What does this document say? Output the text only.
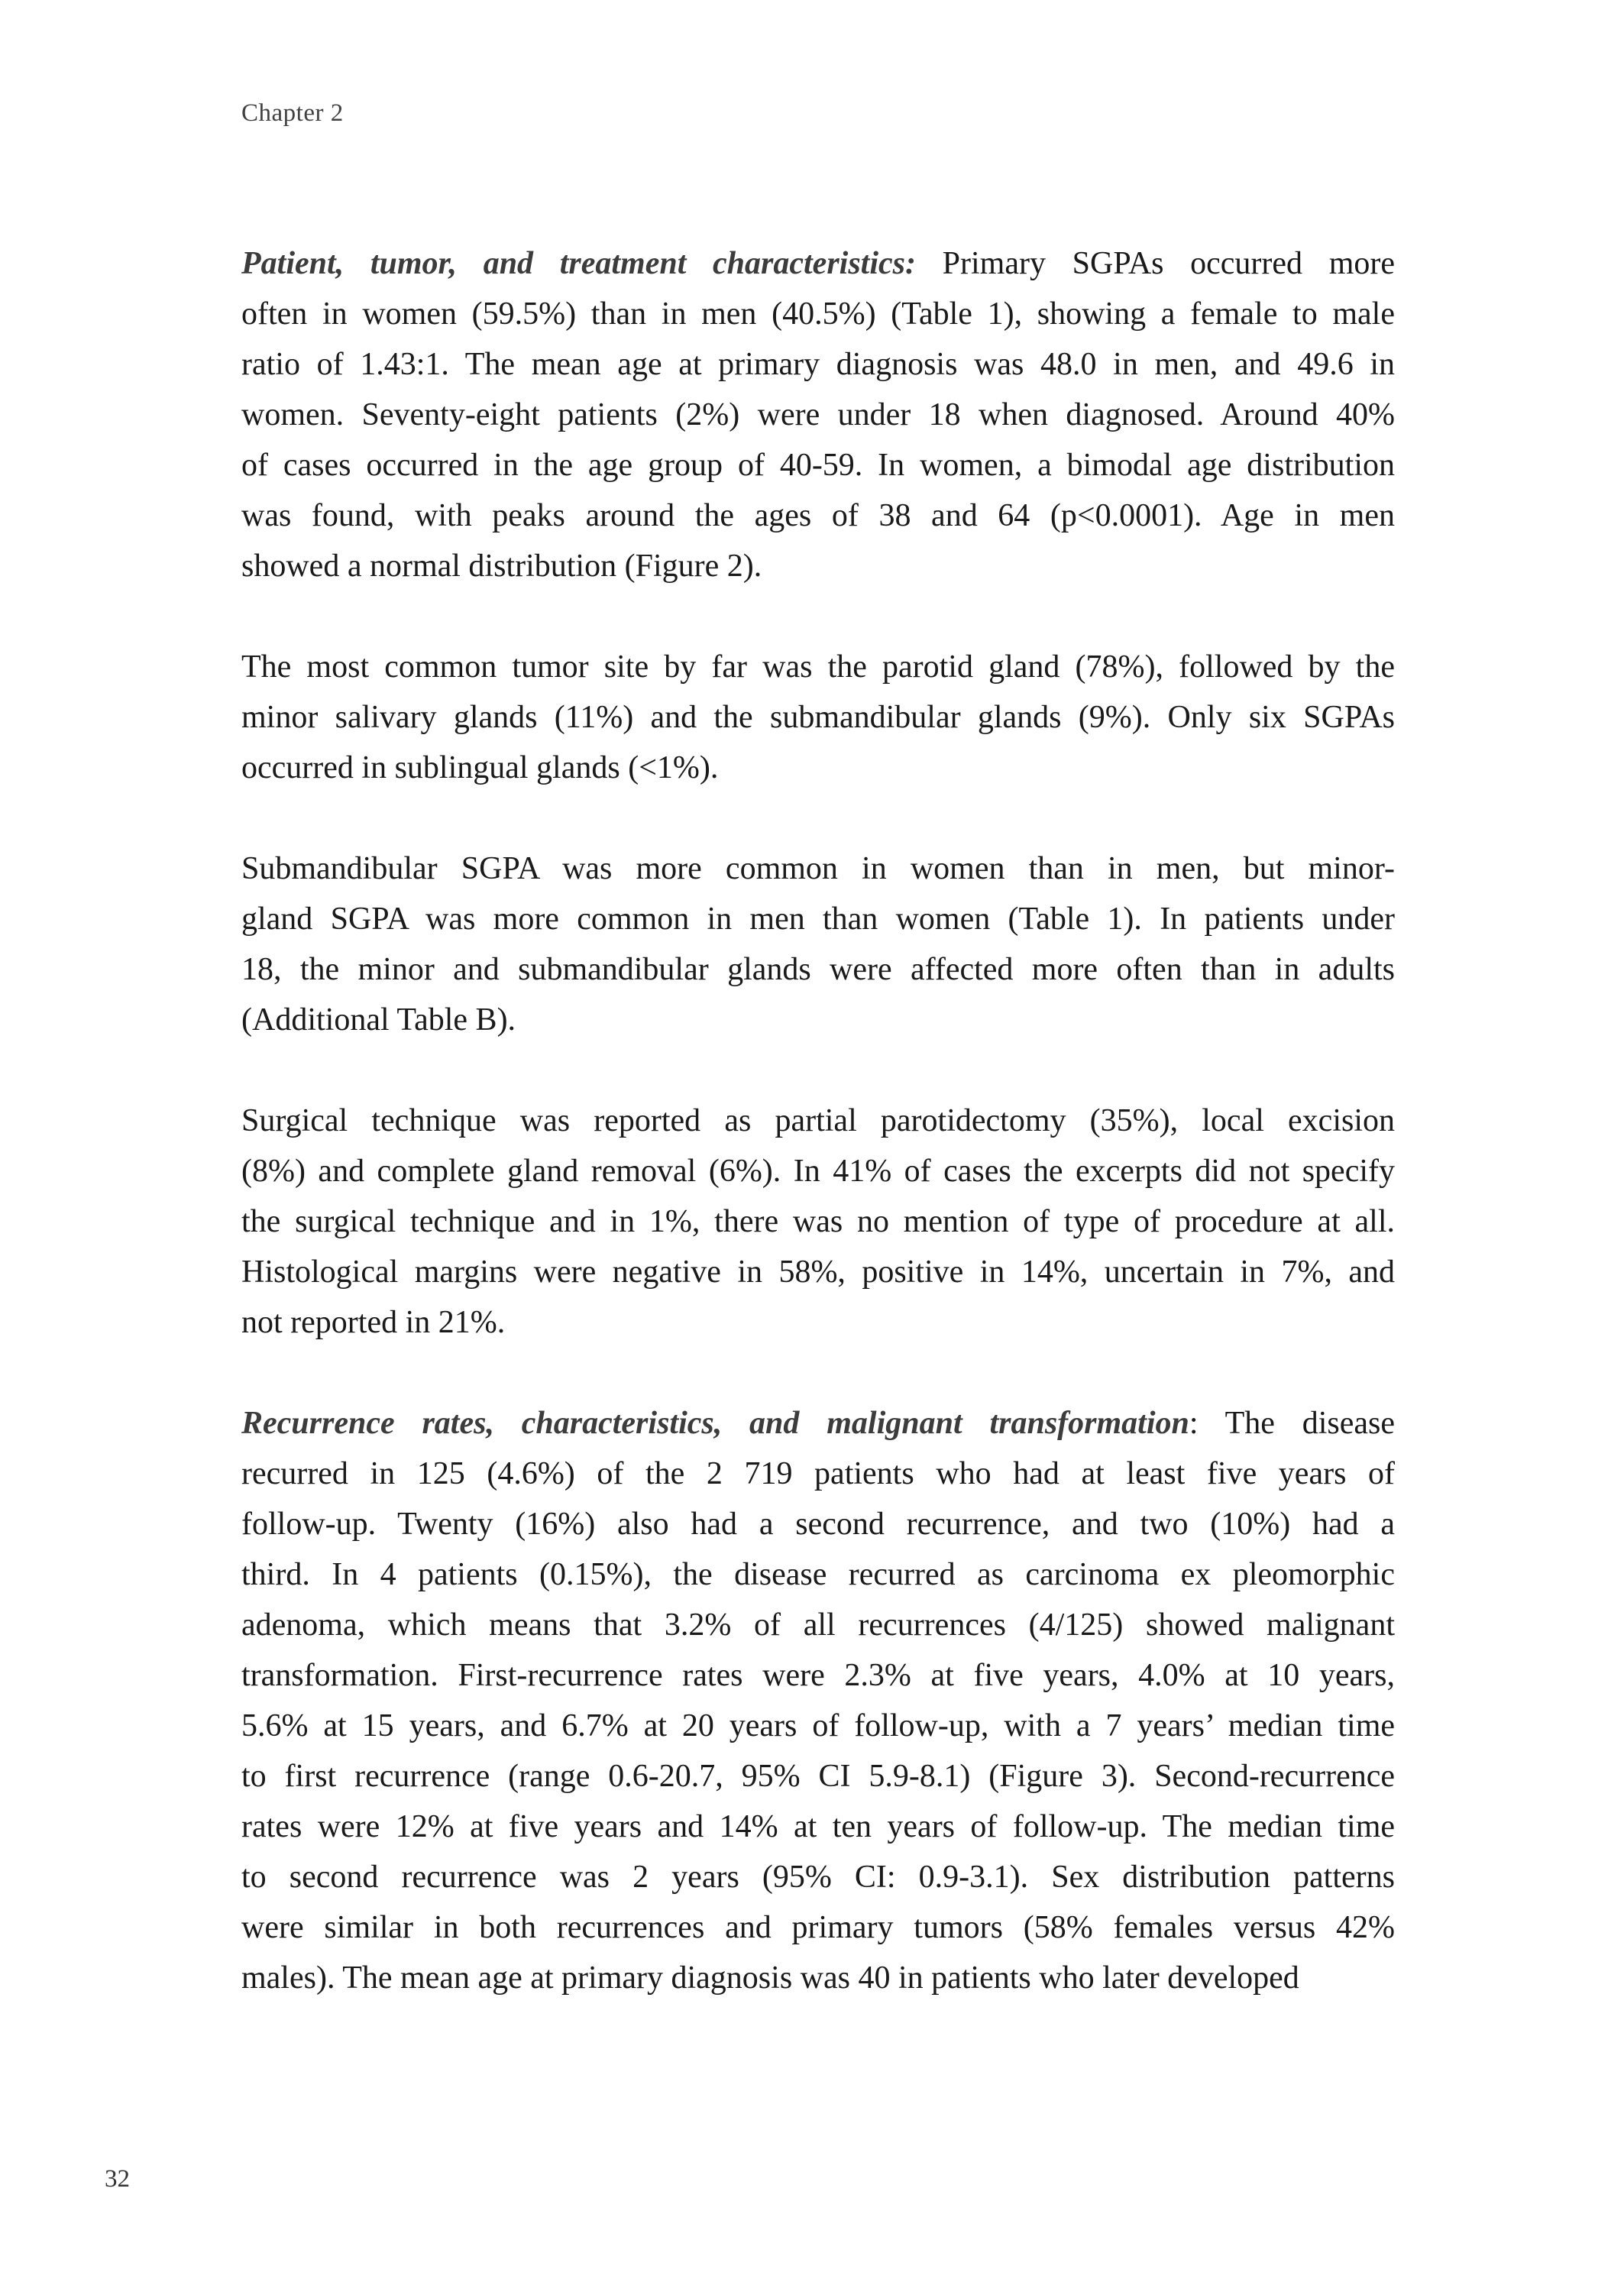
Chapter 2
Patient, tumor, and treatment characteristics: Primary SGPAs occurred more
often in women (59.5%) than in men (40.5%) (Table 1), showing a female to male
ratio of 1.43:1. The mean age at primary diagnosis was 48.0 in men, and 49.6 in
women. Seventy-eight patients (2%) were under 18 when diagnosed. Around 40%
of cases occurred in the age group of 40-59. In women, a bimodal age distribution
was found, with peaks around the ages of 38 and 64 (p<0.0001). Age in men
showed a normal distribution (Figure 2).
The most common tumor site by far was the parotid gland (78%), followed by the
minor salivary glands (11%) and the submandibular glands (9%). Only six SGPAs
occurred in sublingual glands (<1%).
Submandibular SGPA was more common in women than in men, but minor-
gland SGPA was more common in men than women (Table 1). In patients under
18, the minor and submandibular glands were affected more often than in adults
(Additional Table B).
Surgical technique was reported as partial parotidectomy (35%), local excision
(8%) and complete gland removal (6%). In 41% of cases the excerpts did not specify
the surgical technique and in 1%, there was no mention of type of procedure at all.
Histological margins were negative in 58%, positive in 14%, uncertain in 7%, and
not reported in 21%.
Recurrence rates, characteristics, and malignant transformation: The disease
recurred in 125 (4.6%) of the 2 719 patients who had at least five years of
follow-up. Twenty (16%) also had a second recurrence, and two (10%) had a
third. In 4 patients (0.15%), the disease recurred as carcinoma ex pleomorphic
adenoma, which means that 3.2% of all recurrences (4/125) showed malignant
transformation. First-recurrence rates were 2.3% at five years, 4.0% at 10 years,
5.6% at 15 years, and 6.7% at 20 years of follow-up, with a 7 years’ median time
to first recurrence (range 0.6-20.7, 95% CI 5.9-8.1) (Figure 3). Second-recurrence
rates were 12% at five years and 14% at ten years of follow-up. The median time
to second recurrence was 2 years (95% CI: 0.9-3.1). Sex distribution patterns
were similar in both recurrences and primary tumors (58% females versus 42%
males). The mean age at primary diagnosis was 40 in patients who later developed
32
